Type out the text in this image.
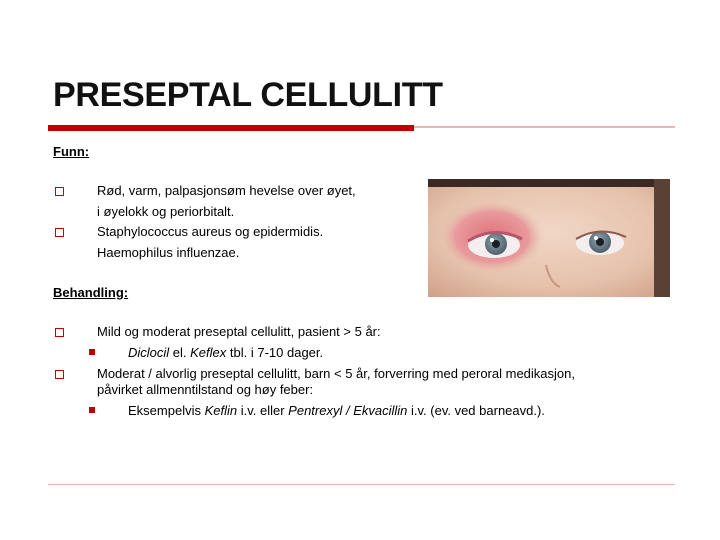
PRESEPTAL CELLULITT
Funn:
Rød, varm, palpasjonsøm hevelse over øyet,
i øyelokk og periorbitalt.
Staphylococcus aureus og epidermidis.
Haemophilus influenzae.
Behandling:
Mild og moderat preseptal cellulitt, pasient > 5 år:
Diclocil el. Keflex tbl. i 7-10 dager.
Moderat / alvorlig preseptal cellulitt, barn < 5 år, forverring med peroral medikasjon,
påvirket allmenntilstand og høy feber:
Eksempelvis Keflin i.v. eller Pentrexyl / Ekvacillin i.v. (ev. ved barneavd.).
